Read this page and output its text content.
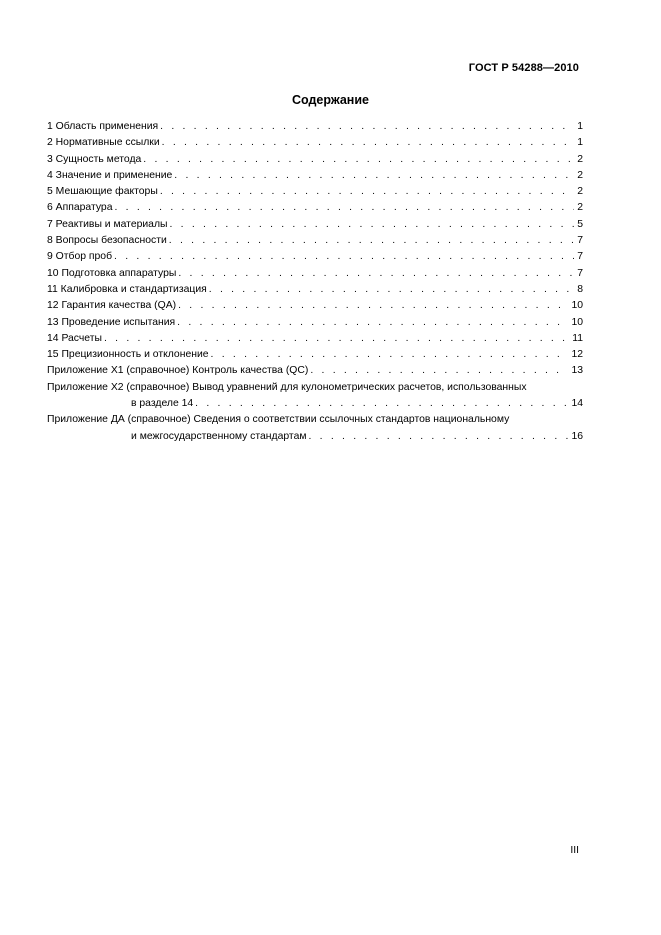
ГОСТ Р 54288—2010
Содержание
1 Область применения . . .	1
2 Нормативные ссылки . . .	1
3 Сущность метода . . .	2
4 Значение и применение . . .	2
5 Мешающие факторы . . .	2
6 Аппаратура . . .	2
7 Реактивы и материалы . . .	5
8 Вопросы безопасности . . .	7
9 Отбор проб . . .	7
10 Подготовка аппаратуры . . .	7
11 Калибровка и стандартизация . . .	8
12 Гарантия качества (QA) . . .	10
13 Проведение испытания . . .	10
14 Расчеты . . .	11
15 Прецизионность и отклонение . . .	12
Приложение Х1 (справочное) Контроль качества (QC) . . .	13
Приложение Х2 (справочное) Вывод уравнений для кулонометрических расчетов, использованных
в разделе 14 . . .	14
Приложение ДА (справочное) Сведения о соответствии ссылочных стандартов национальному
и межгосударственному стандартам . . .	16
III
